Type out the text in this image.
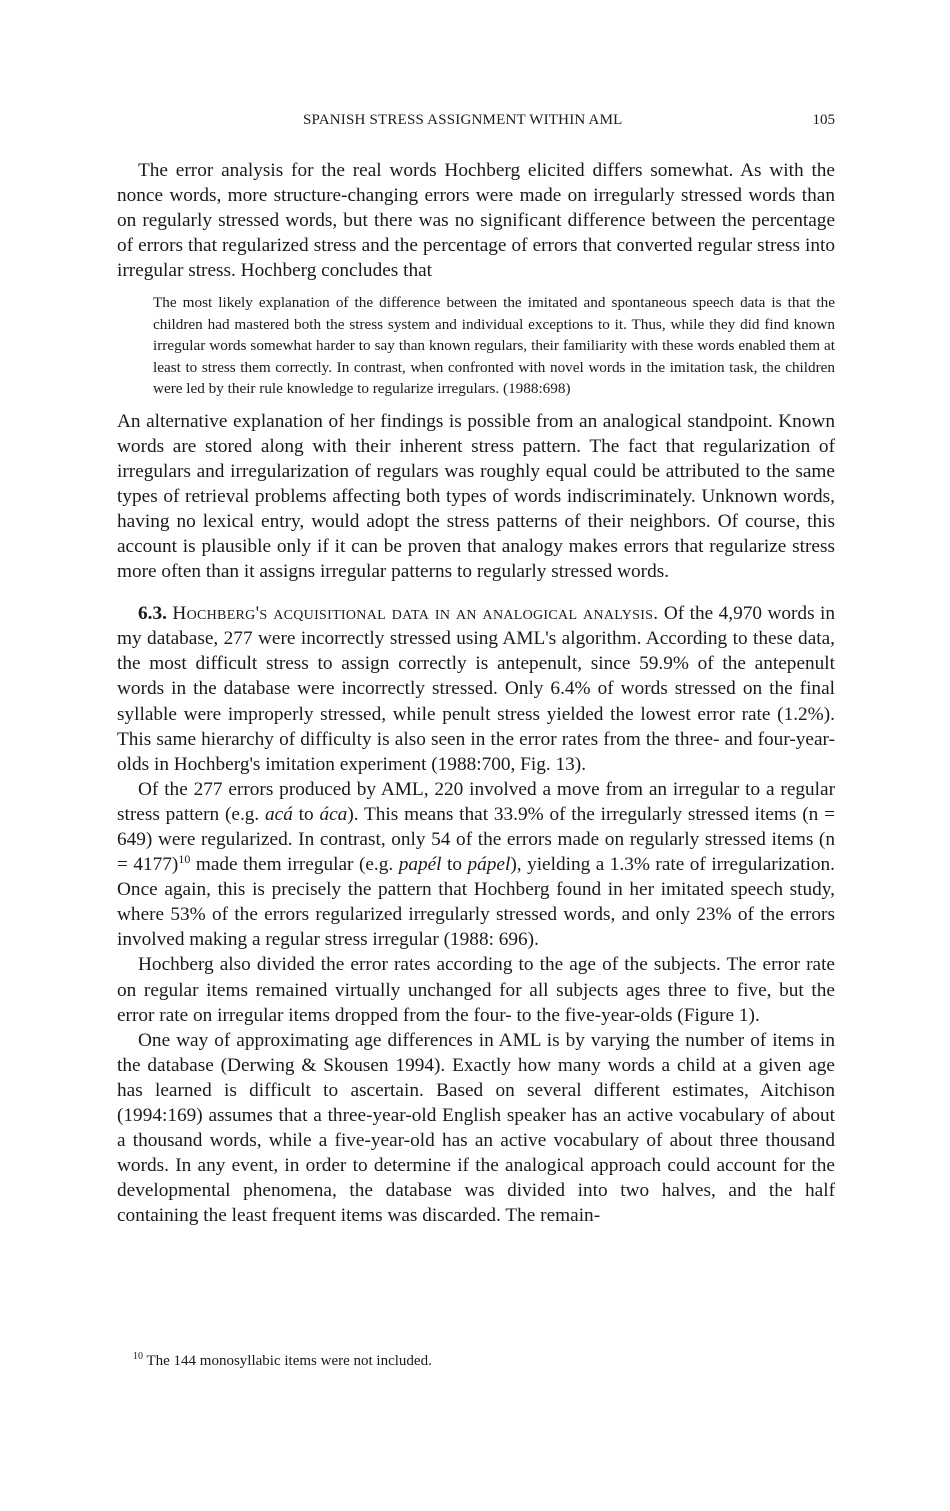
SPANISH STRESS ASSIGNMENT WITHIN AML	105

The error analysis for the real words Hochberg elicited differs somewhat. As with the nonce words, more structure-changing errors were made on irregularly stressed words than on regularly stressed words, but there was no significant difference between the percentage of errors that regularized stress and the percentage of errors that converted regular stress into irregular stress. Hochberg concludes that

The most likely explanation of the difference between the imitated and spontaneous speech data is that the children had mastered both the stress system and individual exceptions to it. Thus, while they did find known irregular words somewhat harder to say than known regulars, their familiarity with these words enabled them at least to stress them correctly. In contrast, when confronted with novel words in the imitation task, the children were led by their rule knowledge to regularize irregulars. (1988:698)

An alternative explanation of her findings is possible from an analogical standpoint. Known words are stored along with their inherent stress pattern. The fact that regularization of irregulars and irregularization of regulars was roughly equal could be attributed to the same types of retrieval problems affecting both types of words indiscriminately. Unknown words, having no lexical entry, would adopt the stress patterns of their neighbors. Of course, this account is plausible only if it can be proven that analogy makes errors that regularize stress more often than it assigns irregular patterns to regularly stressed words.

6.3. Hochberg's acquisitional data in an analogical analysis. Of the 4,970 words in my database, 277 were incorrectly stressed using AML's algorithm. According to these data, the most difficult stress to assign correctly is antepenult, since 59.9% of the antepenult words in the database were incorrectly stressed. Only 6.4% of words stressed on the final syllable were improperly stressed, while penult stress yielded the lowest error rate (1.2%). This same hierarchy of difficulty is also seen in the error rates from the three- and four-year-olds in Hochberg's imitation experiment (1988:700, Fig. 13).

Of the 277 errors produced by AML, 220 involved a move from an irregular to a regular stress pattern (e.g. acá to áca). This means that 33.9% of the irregularly stressed items (n = 649) were regularized. In contrast, only 54 of the errors made on regularly stressed items (n = 4177)$^{10}$ made them irregular (e.g. papél to pápel), yielding a 1.3% rate of irregularization. Once again, this is precisely the pattern that Hochberg found in her imitated speech study, where 53% of the errors regularized irregularly stressed words, and only 23% of the errors involved making a regular stress irregular (1988: 696).

Hochberg also divided the error rates according to the age of the subjects. The error rate on regular items remained virtually unchanged for all subjects ages three to five, but the error rate on irregular items dropped from the four- to the five-year-olds (Figure 1).

One way of approximating age differences in AML is by varying the number of items in the database (Derwing & Skousen 1994). Exactly how many words a child at a given age has learned is difficult to ascertain. Based on several different estimates, Aitchison (1994:169) assumes that a three-year-old English speaker has an active vocabulary of about a thousand words, while a five-year-old has an active vocabulary of about three thousand words. In any event, in order to determine if the analogical approach could account for the developmental phenomena, the database was divided into two halves, and the half containing the least frequent items was discarded. The remain-

$^{10}$ The 144 monosyllabic items were not included.
